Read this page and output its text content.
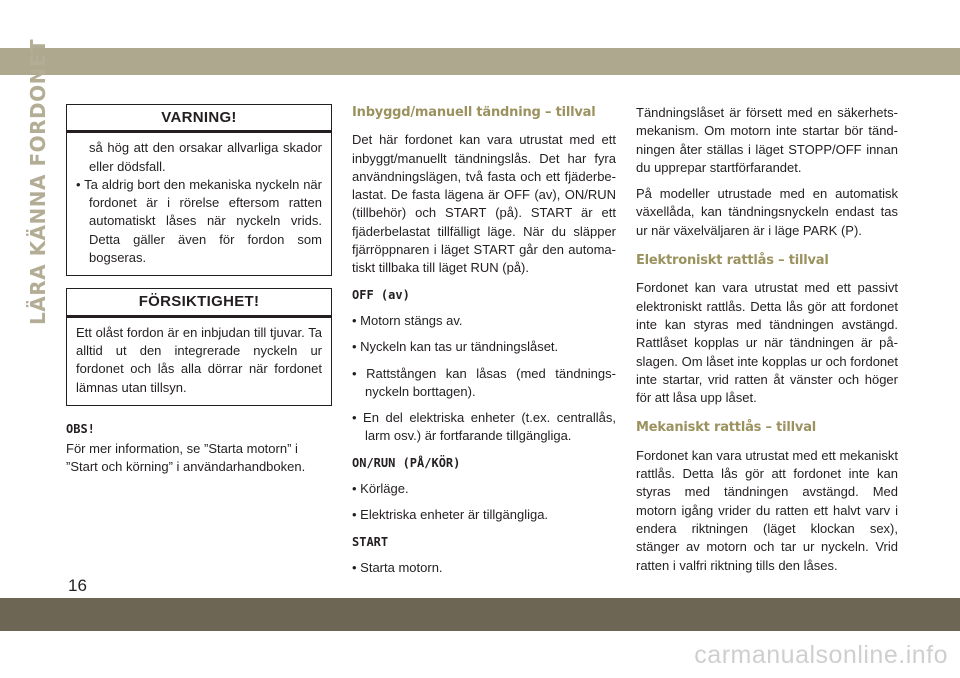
LÄRA KÄNNA FORDONET	VARNING!
så hög att den orsakar allvarliga skador eller dödsfall.
• Ta aldrig bort den mekaniska nyckeln när fordonet är i rörelse eftersom ratten automatiskt låses när nyckeln vrids. Detta gäller även för fordon som bogseras.
FÖRSIKTIGHET!

Ett olåst fordon är en inbjudan till tjuvar. Ta alltid ut den integrerade nyckeln ur fordonet och lås alla dörrar när fordonet lämnas utan tillsyn.

OBS!

För mer information, se ”Starta motorn” i ”Start och körning” i användarhandboken.

Inbyggd/manuell tändning – tillval

Det här fordonet kan vara utrustat med ett inbyggt/manuellt tändningslås. Det har fyra användningslägen, två fasta och ett fjäderbelastat. De fasta lägena är OFF (av), ON/RUN (tillbehör) och START (på). START är ett fjäderbelastat tillfälligt läge. När du släpper fjärröppnaren i läget START går den automatiskt tillbaka till läget RUN (på).

OFF (av)
• Motorn stängs av.
• Nyckeln kan tas ur tändningslåset.
• Rattstången kan låsas (med tändningsnyckeln borttagen).
• En del elektriska enheter (t.ex. centrallås, larm osv.) är fortfarande tillgängliga.
ON/RUN (PÅ/KÖR)
• Körläge.
• Elektriska enheter är tillgängliga.
START
• Starta motorn.

Tändningslåset är försett med en säkerhetsmekanism. Om motorn inte startar bör tändningen åter ställas i läget STOPP/OFF innan du upprepar startförfarandet.

På modeller utrustade med en automatisk växellåda, kan tändningsnyckeln endast tas ur när växelväljaren är i läge PARK (P).

Elektroniskt rattlås – tillval

Fordonet kan vara utrustat med ett passivt elektroniskt rattlås. Detta lås gör att fordonet inte kan styras med tändningen avstängd. Rattlåset kopplas ur när tändningen är påslagen. Om låset inte kopplas ur och fordonet inte startar, vrid ratten åt vänster och höger för att låsa upp låset.

Mekaniskt rattlås – tillval

Fordonet kan vara utrustat med ett mekaniskt rattlås. Detta lås gör att fordonet inte kan styras med tändningen avstängd. Med motorn igång vrider du ratten ett halvt varv i endera riktningen (läget klockan sex), stänger av motorn och tar ur nyckeln. Vrid ratten i valfri riktning tills den låses.

16
carmanualsonline.info
